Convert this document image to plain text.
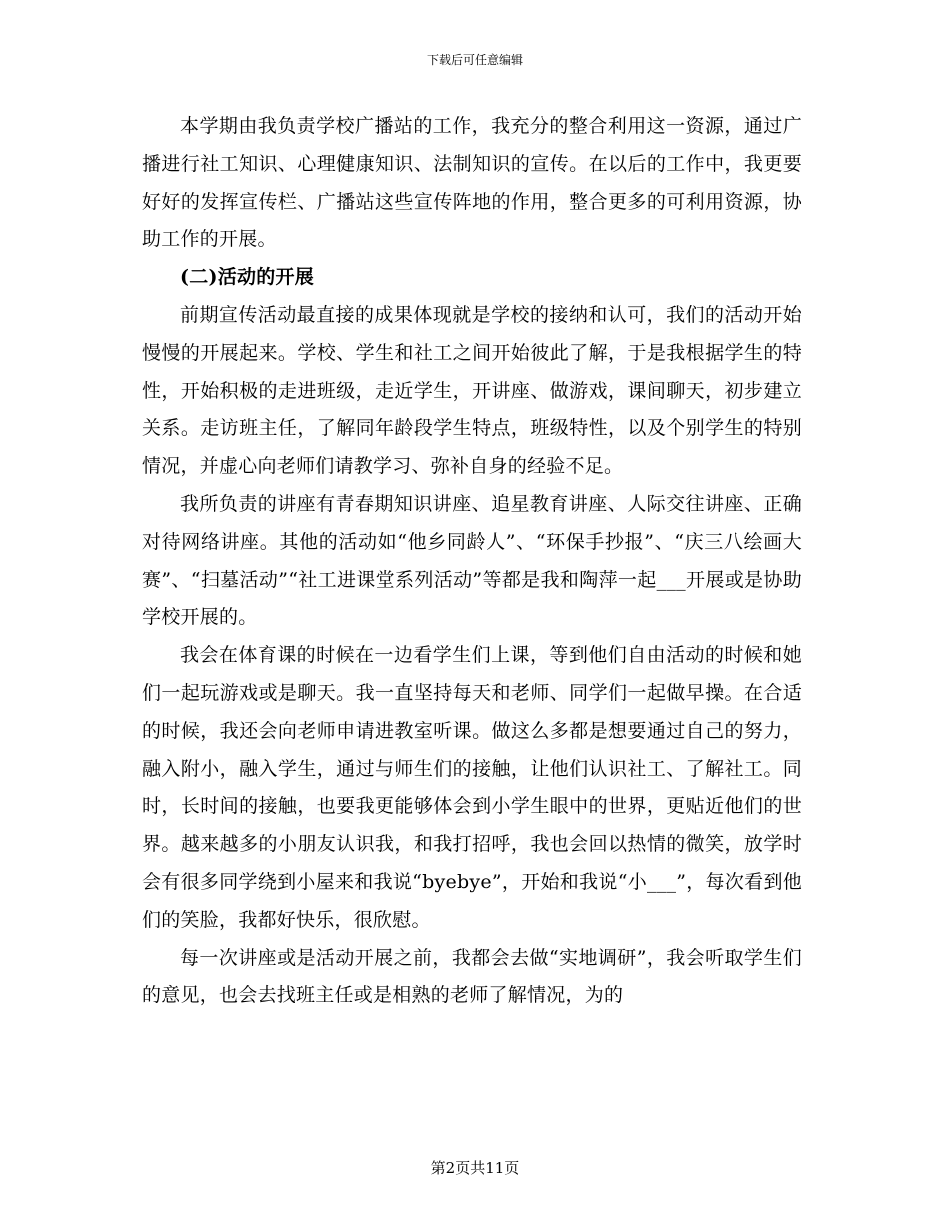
下载后可任意编辑

本学期由我负责学校广播站的工作，我充分的整合利用这一资源，通过广播进行社工知识、心理健康知识、法制知识的宣传。在以后的工作中，我更要好好的发挥宣传栏、广播站这些宣传阵地的作用，整合更多的可利用资源，协助工作的开展。

(二)活动的开展

前期宣传活动最直接的成果体现就是学校的接纳和认可，我们的活动开始慢慢的开展起来。学校、学生和社工之间开始彼此了解，于是我根据学生的特性，开始积极的走进班级，走近学生，开讲座、做游戏，课间聊天，初步建立关系。走访班主任，了解同年龄段学生特点，班级特性，以及个别学生的特别情况，并虚心向老师们请教学习、弥补自身的经验不足。

我所负责的讲座有青春期知识讲座、追星教育讲座、人际交往讲座、正确对待网络讲座。其他的活动如“他乡同龄人”、“环保手抄报”、“庆三八绘画大赛”、“扫墓活动”“社工进课堂系列活动”等都是我和陶萍一起___开展或是协助学校开展的。

我会在体育课的时候在一边看学生们上课，等到他们自由活动的时候和她们一起玩游戏或是聊天。我一直坚持每天和老师、同学们一起做早操。在合适的时候，我还会向老师申请进教室听课。做这么多都是想要通过自己的努力，融入附小，融入学生，通过与师生们的接触，让他们认识社工、了解社工。同时，长时间的接触，也要我更能够体会到小学生眼中的世界，更贴近他们的世界。越来越多的小朋友认识我，和我打招呼，我也会回以热情的微笑，放学时会有很多同学绕到小屋来和我说“byebye”，开始和我说“小___”，每次看到他们的笑脸，我都好快乐，很欣慰。

每一次讲座或是活动开展之前，我都会去做“实地调研”，我会听取学生们的意见，也会去找班主任或是相熟的老师了解情况，为的

第2页共11页
